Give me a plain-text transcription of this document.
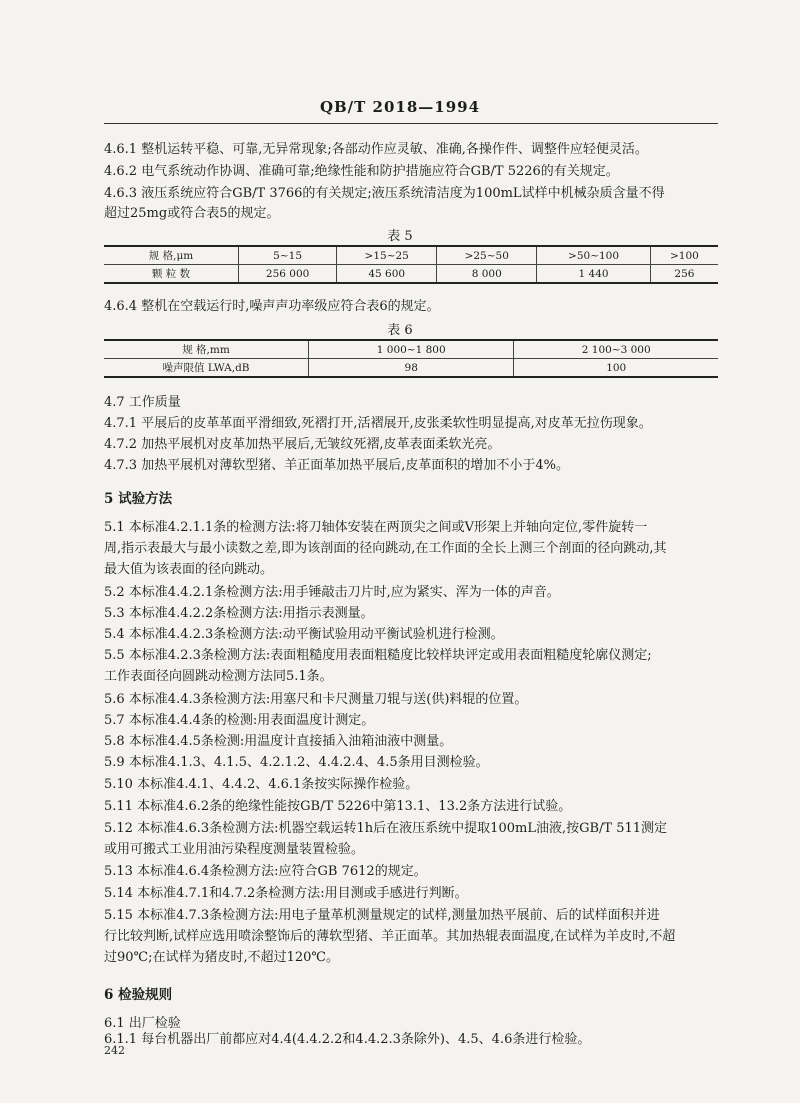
QB/T 2018—1994
4.6.1 整机运转平稳、可靠,无异常现象;各部动作应灵敏、准确,各操作件、调整件应轻便灵活。
4.6.2 电气系统动作协调、准确可靠;绝缘性能和防护措施应符合GB/T 5226的有关规定。
4.6.3 液压系统应符合GB/T 3766的有关规定;液压系统清洁度为100mL试样中机械杂质含量不得
超过25mg或符合表5的规定。
表 5
规 格,μm	5~15	>15~25	>25~50	>50~100	>100
颗 粒 数	256 000	45 600	8 000	1 440	256
4.6.4 整机在空载运行时,噪声声功率级应符合表6的规定。
表 6
规 格,mm	1 000~1 800	2 100~3 000
噪声限值 LWA,dB	98	100
4.7 工作质量
4.7.1 平展后的皮革革面平滑细致,死褶打开,活褶展开,皮张柔软性明显提高,对皮革无拉伤现象。
4.7.2 加热平展机对皮革加热平展后,无皱纹死褶,皮革表面柔软光亮。
4.7.3 加热平展机对薄软型猪、羊正面革加热平展后,皮革面积的增加不小于4%。
5 试验方法
5.1 本标准4.2.1.1条的检测方法:将刀轴体安装在两顶尖之间或V形架上并轴向定位,零件旋转一
周,指示表最大与最小读数之差,即为该剖面的径向跳动,在工作面的全长上测三个剖面的径向跳动,其
最大值为该表面的径向跳动。
5.2 本标准4.4.2.1条检测方法:用手锤敲击刀片时,应为紧实、浑为一体的声音。
5.3 本标准4.4.2.2条检测方法:用指示表测量。
5.4 本标准4.4.2.3条检测方法:动平衡试验用动平衡试验机进行检测。
5.5 本标准4.2.3条检测方法:表面粗糙度用表面粗糙度比较样块评定或用表面粗糙度轮廓仪测定;
工作表面径向圆跳动检测方法同5.1条。
5.6 本标准4.4.3条检测方法:用塞尺和卡尺测量刀辊与送(供)料辊的位置。
5.7 本标准4.4.4条的检测:用表面温度计测定。
5.8 本标准4.4.5条检测:用温度计直接插入油箱油液中测量。
5.9 本标准4.1.3、4.1.5、4.2.1.2、4.4.2.4、4.5条用目测检验。
5.10 本标准4.4.1、4.4.2、4.6.1条按实际操作检验。
5.11 本标准4.6.2条的绝缘性能按GB/T 5226中第13.1、13.2条方法进行试验。
5.12 本标准4.6.3条检测方法:机器空载运转1h后在液压系统中提取100mL油液,按GB/T 511测定
或用可搬式工业用油污染程度测量装置检验。
5.13 本标准4.6.4条检测方法:应符合GB 7612的规定。
5.14 本标准4.7.1和4.7.2条检测方法:用目测或手感进行判断。
5.15 本标准4.7.3条检测方法:用电子量革机测量规定的试样,测量加热平展前、后的试样面积并进
行比较判断,试样应选用喷涂整饰后的薄软型猪、羊正面革。其加热辊表面温度,在试样为羊皮时,不超
过90℃;在试样为猪皮时,不超过120℃。
6 检验规则
6.1 出厂检验
6.1.1 每台机器出厂前都应对4.4(4.4.2.2和4.4.2.3条除外)、4.5、4.6条进行检验。
242
